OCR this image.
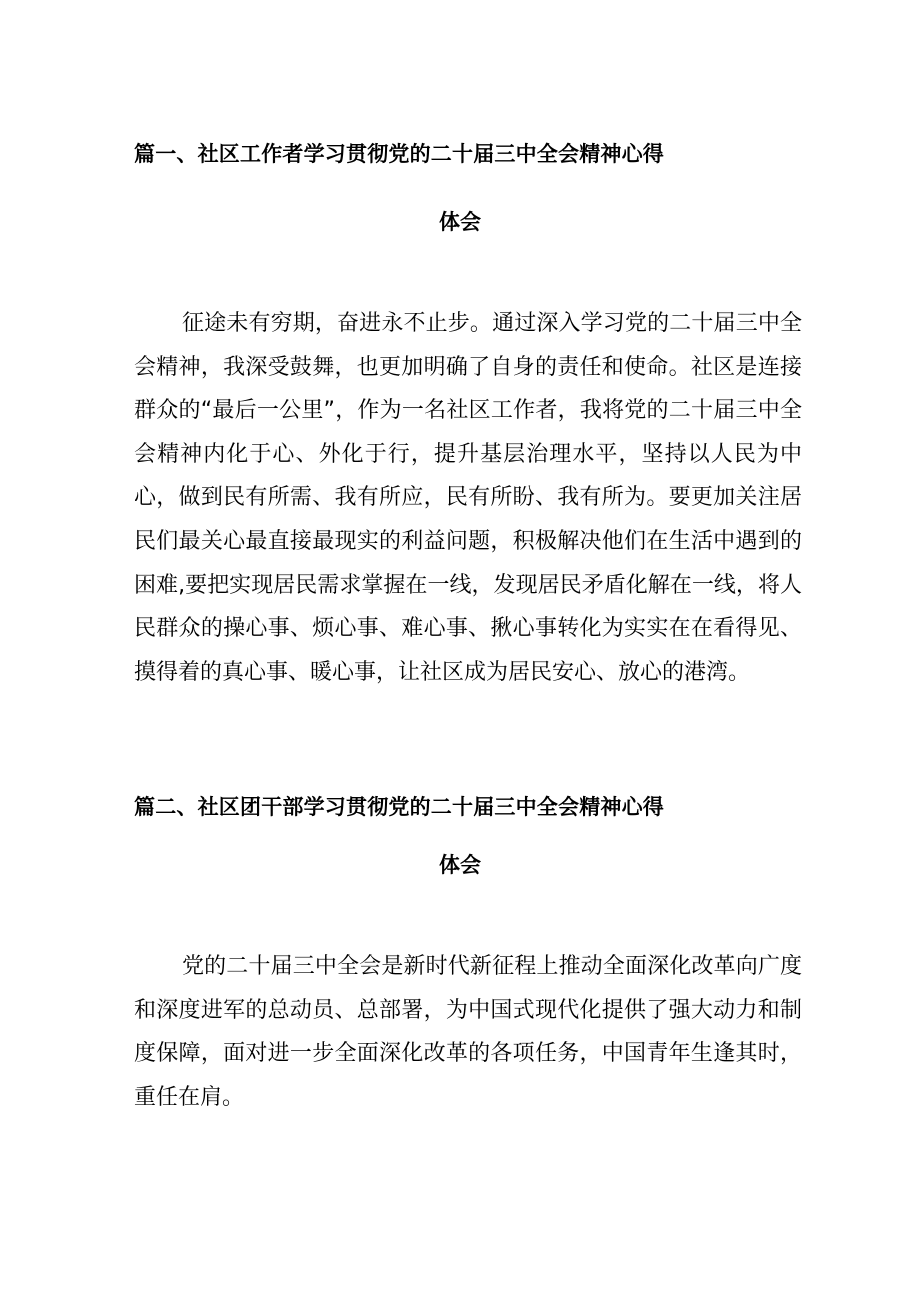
篇一、社区工作者学习贯彻党的二十届三中全会精神心得
体会

征途未有穷期，奋进永不止步。通过深入学习党的二十届三中全会精神，我深受鼓舞，也更加明确了自身的责任和使命。社区是连接群众的“最后一公里”，作为一名社区工作者，我将党的二十届三中全会精神内化于心、外化于行，提升基层治理水平，坚持以人民为中心，做到民有所需、我有所应，民有所盼、我有所为。要更加关注居民们最关心最直接最现实的利益问题，积极解决他们在生活中遇到的困难,要把实现居民需求掌握在一线，发现居民矛盾化解在一线，将人民群众的操心事、烦心事、难心事、揪心事转化为实实在在看得见、摸得着的真心事、暖心事，让社区成为居民安心、放心的港湾。

篇二、社区团干部学习贯彻党的二十届三中全会精神心得
体会

党的二十届三中全会是新时代新征程上推动全面深化改革向广度和深度进军的总动员、总部署，为中国式现代化提供了强大动力和制度保障，面对进一步全面深化改革的各项任务，中国青年生逢其时，重任在肩。
